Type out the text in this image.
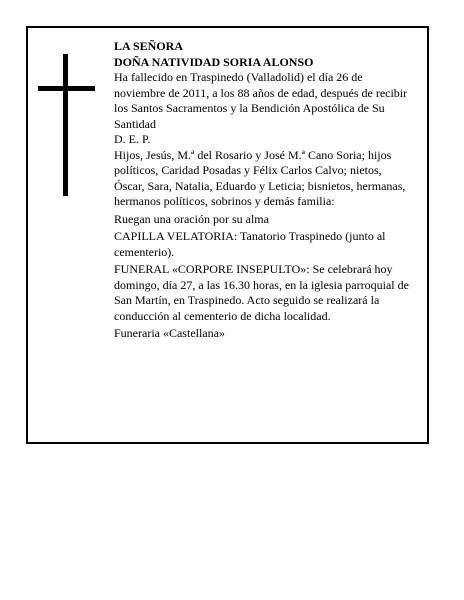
LA SEÑORA

DOÑA NATIVIDAD SORIA ALONSO

Ha fallecido en Traspinedo (Valladolid) el día 26 de noviembre de 2011, a los 88 años de edad, después de recibir los Santos Sacramentos y la Bendición Apostólica de Su Santidad

D. E. P.

Hijos, Jesús, M.ª del Rosario y José M.ª Cano Soria; hijos políticos, Caridad Posadas y Félix Carlos Calvo; nietos, Óscar, Sara, Natalia, Eduardo y Leticia; bisnietos, hermanas, hermanos políticos, sobrinos y demás familia:

Ruegan una oración por su alma

CAPILLA VELATORIA: Tanatorio Traspinedo (junto al cementerio).

FUNERAL «CORPORE INSEPULTO»: Se celebrará hoy domingo, día 27, a las 16.30 horas, en la iglesia parroquial de San Martín, en Traspinedo. Acto seguido se realizará la conducción al cementerio de dicha localidad.

Funeraria «Castellana»
